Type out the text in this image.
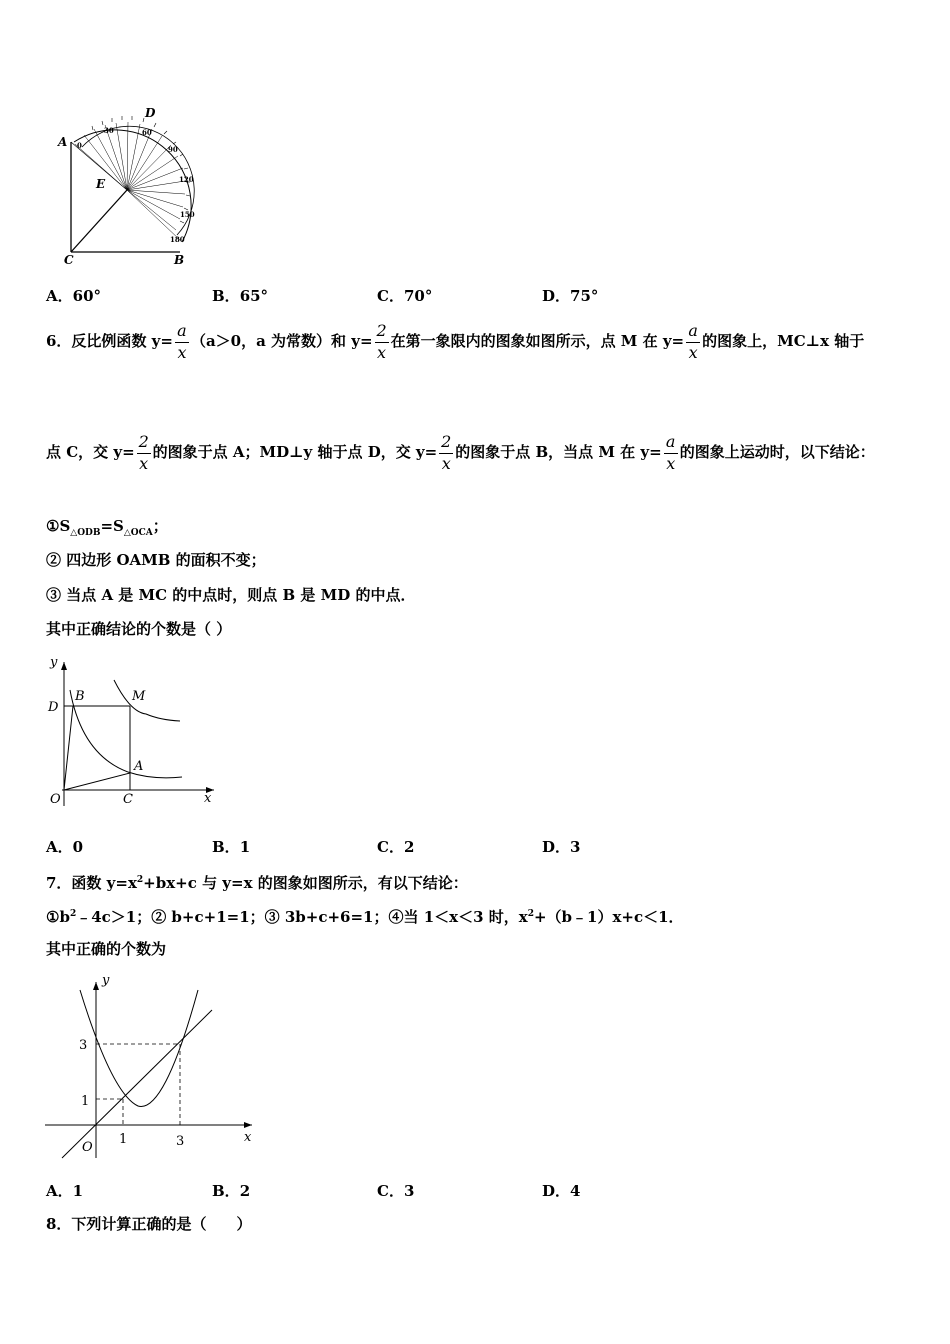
0
30	60
90
120
150
180
A
D
E
C	B
A．60°	B．65°	C．70°	D．75°
6．反比例函数 $y= \frac{a}{x} (a>0$，a 为常数）和 $y= \frac{2}{x}$ 在第一象限内的图象如图所示，点 M 在 $y= \frac{a}{x}$ 的图象上，MC⊥x 轴于
点 C，交 $y= \frac{2}{x}$ 的图象于点 A；MD⊥y 轴于点 D，交 $y= \frac{2}{x}$ 的图象于点 B，当点 M 在 $y= \frac{a}{x}$ 的图象上运动时，以下结论：
$①S_{\triangle ODB}=S_{\triangle OCA}$；
② 四边形 OAMB 的面积不变；
③ 当点 A 是 MC 的中点时，则点 B 是 MD 的中点．
其中正确结论的个数是（ ）
y
x
O
B	M
D
A
C
A．0	B．1	C．2	D．3
7．函数 $y=x^2+bx+c$ 与 y=x 的图象如图所示，有以下结论：
$①b^2﹣4c>1$；② b+c+1=1；③ 3b+c+6=1；④当 1＜x＜3 时，$x^2+(b﹣1)x+c<1$．
其中正确的个数为
y
x
O
1	3
1
3
A．1	B．2	C．3	D．4
8．下列计算正确的是（　　）
